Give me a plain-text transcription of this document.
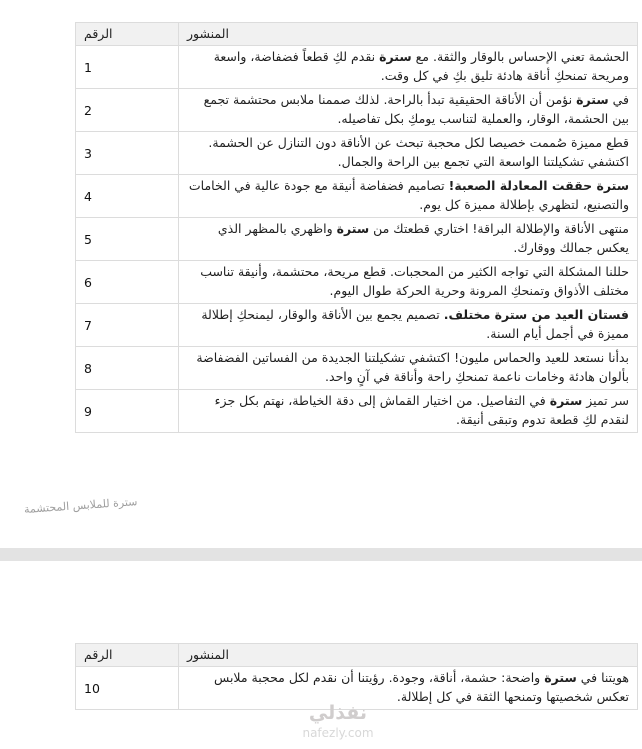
الرقم	المنشور
1	الحشمة تعني الإحساس بالوقار والثقة. مع سترة نقدم لكِ قطعاً فضفاضة، واسعة ومريحة تمنحكِ أناقة هادئة تليق بكِ في كل وقت.
2	في سترة نؤمن أن الأناقة الحقيقية تبدأ بالراحة. لذلك صممنا ملابس محتشمة تجمع بين الحشمة، الوقار، والعملية لتناسب يومكِ بكل تفاصيله.
3	قطع مميزة صُممت خصيصا لكل محجبة تبحث عن الأناقة دون التنازل عن الحشمة. اكتشفي تشكيلتنا الواسعة التي تجمع بين الراحة والجمال.
4	سترة حققت المعادلة الصعبة! تصاميم فضفاضة أنيقة مع جودة عالية في الخامات والتصنيع، لتظهري بإطلالة مميزة كل يوم.
5	منتهى الأناقة والإطلالة البراقة! اختاري قطعتك من سترة واظهري بالمظهر الذي يعكس جمالك ووقارك.
6	حللنا المشكلة التي تواجه الكثير من المحجبات. قطع مريحة، محتشمة، وأنيقة تناسب مختلف الأذواق وتمنحكِ المرونة وحرية الحركة طوال اليوم.
7	فستان العيد من سترة مختلف. تصميم يجمع بين الأناقة والوقار، ليمنحكِ إطلالة مميزة في أجمل أيام السنة.
8	بدأنا نستعد للعيد والحماس مليون! اكتشفي تشكيلتنا الجديدة من الفساتين الفضفاضة بألوان هادئة وخامات ناعمة تمنحكِ راحة وأناقة في آنٍ واحد.
9	سر تميز سترة في التفاصيل. من اختيار القماش إلى دقة الخياطة، نهتم بكل جزء لنقدم لكِ قطعة تدوم وتبقى أنيقة.
سترة للملابس المحتشمة
الرقم	المنشور
10	هويتنا في سترة واضحة: حشمة، أناقة، وجودة. رؤيتنا أن نقدم لكل محجبة ملابس تعكس شخصيتها وتمنحها الثقة في كل إطلالة.
نفذلي
nafezly.com
